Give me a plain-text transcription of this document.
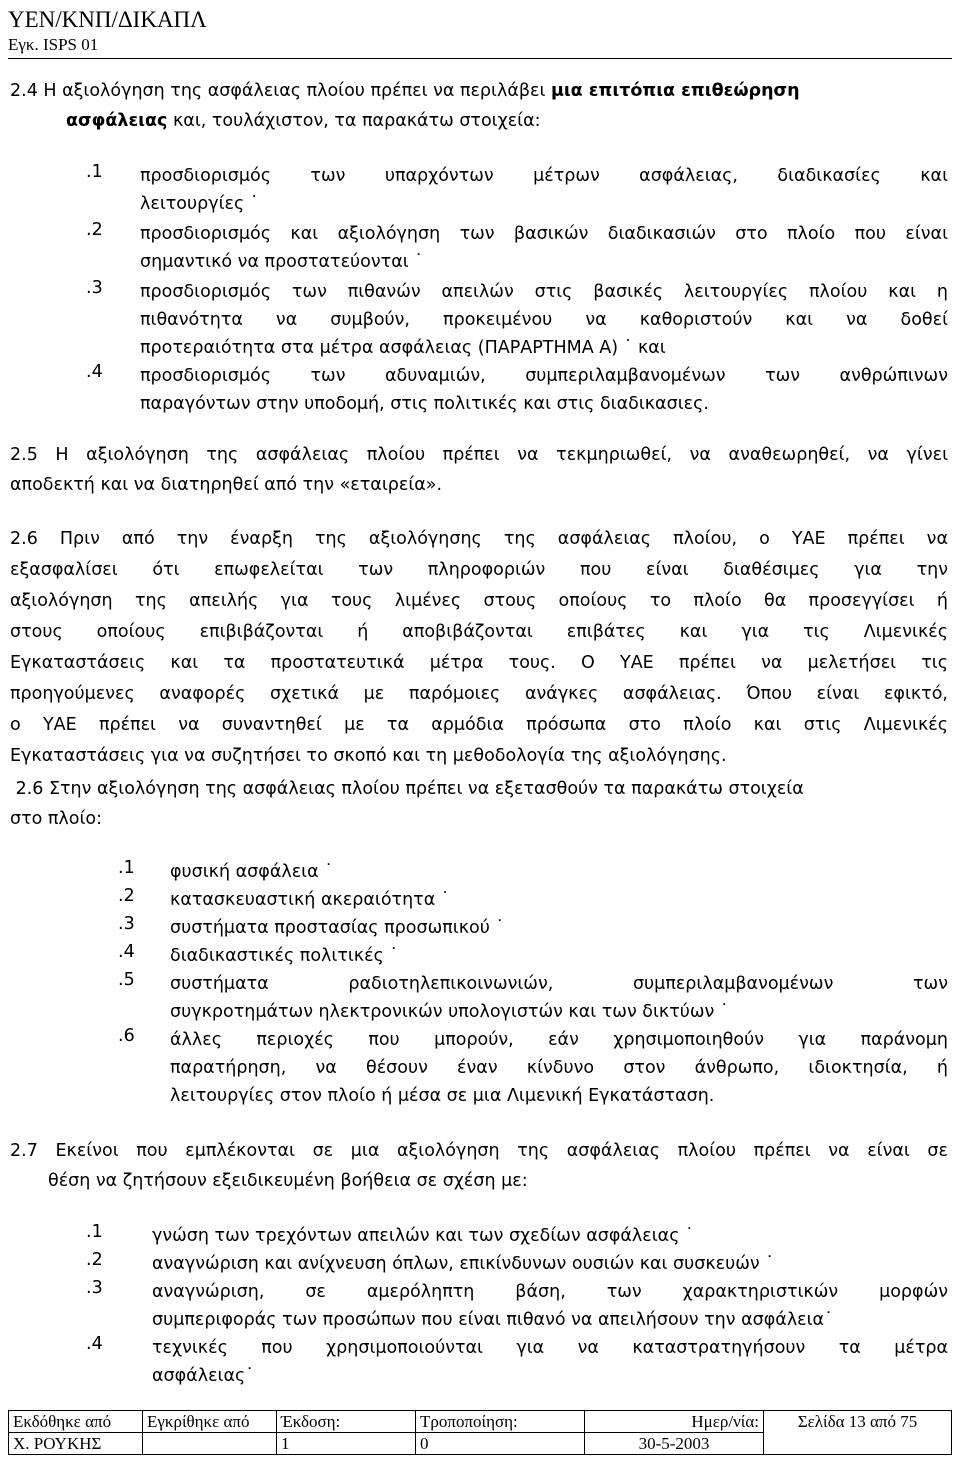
ΥΕΝ/ΚΝΠ/ΔΙΚΑΠΛ
Εγκ. ISPS 01

2.4 Η αξιολόγηση της ασφάλειας πλοίου πρέπει να περιλάβει μια επιτόπια επιθεώρηση
ασφάλειας και, τουλάχιστον, τα παρακάτω στοιχεία:

.1 προσδιορισμός των υπαρχόντων μέτρων ασφάλειας, διαδικασίες και
λειτουργίες ˙
.2 προσδιορισμός και αξιολόγηση των βασικών διαδικασιών στο πλοίο που είναι
σημαντικό να προστατεύονται ˙
.3 προσδιορισμός των πιθανών απειλών στις βασικές λειτουργίες πλοίου και η
πιθανότητα να συμβούν, προκειμένου να καθοριστούν και να δοθεί
προτεραιότητα στα μέτρα ασφάλειας (ΠΑΡΑΡΤΗΜΑ Α) ˙ και
.4 προσδιορισμός των αδυναμιών, συμπεριλαμβανομένων των ανθρώπινων
παραγόντων στην υποδομή, στις πολιτικές και στις διαδικασιες.
2.5 Η αξιολόγηση της ασφάλειας πλοίου πρέπει να τεκμηριωθεί, να αναθεωρηθεί, να γίνει
αποδεκτή και να διατηρηθεί από την «εταιρεία».
2.6 Πριν από την έναρξη της αξιολόγησης της ασφάλειας πλοίου, ο ΥΑΕ πρέπει να
εξασφαλίσει ότι επωφελείται των πληροφοριών που είναι διαθέσιμες για την
αξιολόγηση της απειλής για τους λιμένες στους οποίους το πλοίο θα προσεγγίσει ή
στους οποίους επιβιβάζονται ή αποβιβάζονται επιβάτες και για τις Λιμενικές
Εγκαταστάσεις και τα προστατευτικά μέτρα τους. Ο ΥΑΕ πρέπει να μελετήσει τις
προηγούμενες αναφορές σχετικά με παρόμοιες ανάγκες ασφάλειας. Όπου είναι εφικτό,
ο ΥΑΕ πρέπει να συναντηθεί με τα αρμόδια πρόσωπα στο πλοίο και στις Λιμενικές
Εγκαταστάσεις για να συζητήσει το σκοπό και τη μεθοδολογία της αξιολόγησης.
2.6 Στην αξιολόγηση της ασφάλειας πλοίου πρέπει να εξετασθούν τα παρακάτω στοιχεία
στο πλοίο:
.1 φυσική ασφάλεια ˙
.2 κατασκευαστική ακεραιότητα ˙
.3 συστήματα προστασίας προσωπικού ˙
.4 διαδικαστικές πολιτικές ˙
.5 συστήματα ραδιοτηλεπικοινωνιών, συμπεριλαμβανομένων των
συγκροτημάτων ηλεκτρονικών υπολογιστών και των δικτύων ˙
.6 άλλες περιοχές που μπορούν, εάν χρησιμοποιηθούν για παράνομη
παρατήρηση, να θέσουν έναν κίνδυνο στον άνθρωπο, ιδιοκτησία, ή
λειτουργίες στον πλοίο ή μέσα σε μια Λιμενική Εγκατάσταση.
2.7 Εκείνοι που εμπλέκονται σε μια αξιολόγηση της ασφάλειας πλοίου πρέπει να είναι σε
θέση να ζητήσουν εξειδικευμένη βοήθεια σε σχέση με:
.1	γνώση των τρεχόντων απειλών και των σχεδίων ασφάλειας ˙
.2	αναγνώριση και ανίχνευση όπλων, επικίνδυνων ουσιών και συσκευών ˙
.3	αναγνώριση, σε αμερόληπτη βάση, των χαρακτηριστικών μορφών
συμπεριφοράς των προσώπων που είναι πιθανό να απειλήσουν την ασφάλεια˙
.4	τεχνικές που χρησιμοποιούνται για να καταστρατηγήσουν τα μέτρα
ασφάλειας˙
Εκδόθηκε από	Εγκρίθηκε από	Έκδοση:	Τροποποίηση:	Ημερ/νία:	Σελίδα 13 από 75
Χ. ΡΟΥΚΗΣ		1	0	30-5-2003	
